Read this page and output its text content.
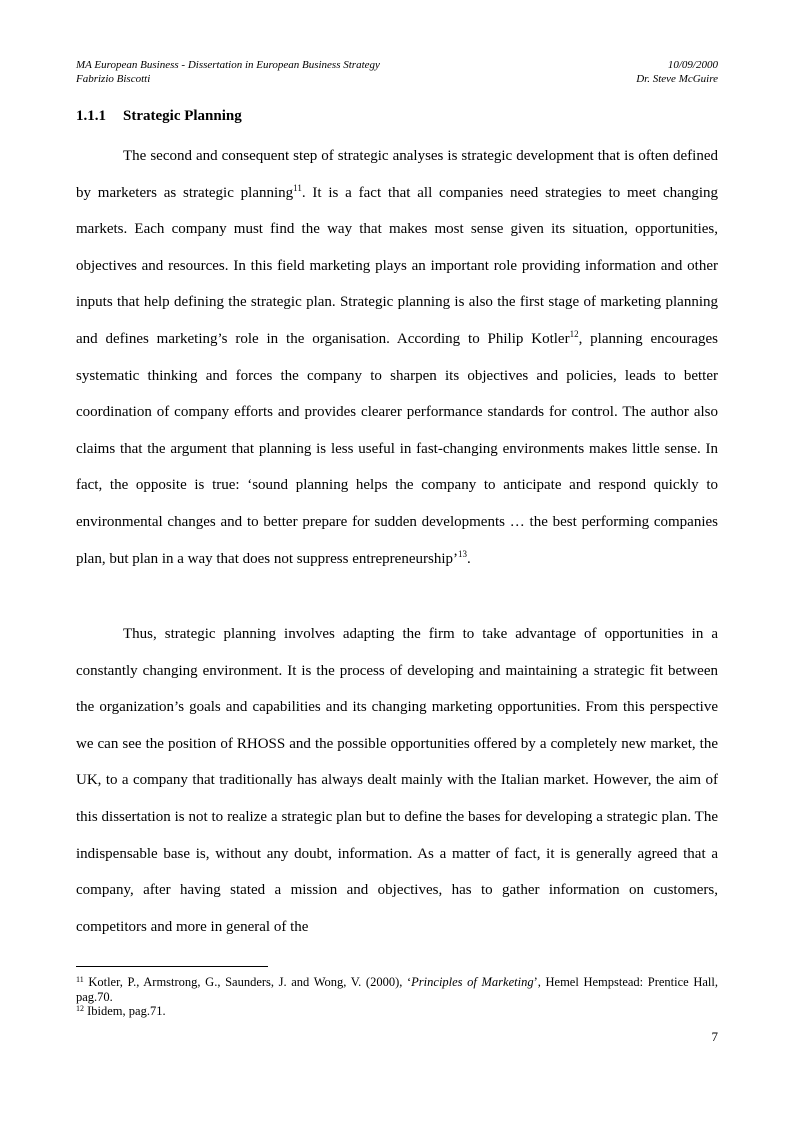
MA European Business - Dissertation in European Business Strategy
Fabrizio Biscotti
10/09/2000
Dr. Steve McGuire
1.1.1 Strategic Planning

The second and consequent step of strategic analyses is strategic development that is often defined by marketers as strategic planning$^{11}$. It is a fact that all companies need strategies to meet changing markets. Each company must find the way that makes most sense given its situation, opportunities, objectives and resources. In this field marketing plays an important role providing information and other inputs that help defining the strategic plan. Strategic planning is also the first stage of marketing planning and defines marketing’s role in the organisation. According to Philip Kotler$^{12}$, planning encourages systematic thinking and forces the company to sharpen its objectives and policies, leads to better coordination of company efforts and provides clearer performance standards for control. The author also claims that the argument that planning is less useful in fast-changing environments makes little sense. In fact, the opposite is true: ‘sound planning helps the company to anticipate and respond quickly to environmental changes and to better prepare for sudden developments … the best performing companies plan, but plan in a way that does not suppress entrepreneurship’$^{13}$.

Thus, strategic planning involves adapting the firm to take advantage of opportunities in a constantly changing environment. It is the process of developing and maintaining a strategic fit between the organization’s goals and capabilities and its changing marketing opportunities. From this perspective we can see the position of RHOSS and the possible opportunities offered by a completely new market, the UK, to a company that traditionally has always dealt mainly with the Italian market. However, the aim of this dissertation is not to realize a strategic plan but to define the bases for developing a strategic plan. The indispensable base is, without any doubt, information. As a matter of fact, it is generally agreed that a company, after having stated a mission and objectives, has to gather information on customers, competitors and more in general of the

$^{11}$ Kotler, P., Armstrong, G., Saunders, J. and Wong, V. (2000), ‘Principles of Marketing’, Hemel Hempstead: Prentice Hall, pag.70.

$^{12}$ Ibidem, pag.71.

7
